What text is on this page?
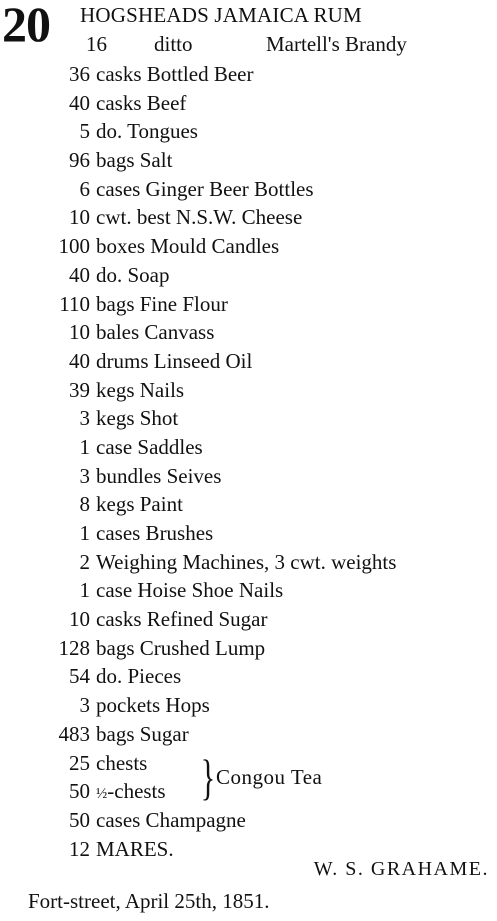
20 HOGSHEADS JAMAICA RUM
16 ditto	Martell's Brandy
36 casks Bottled Beer
40 casks Beef
5 do. Tongues
96 bags Salt
6 cases Ginger Beer Bottles
10 cwt. best N.S.W. Cheese
100 boxes Mould Candles
40 do. Soap
110 bags Fine Flour
10 bales Canvass
40 drums Linseed Oil
39 kegs Nails
3 kegs Shot
1 case Saddles
3 bundles Seives
8 kegs Paint
1 cases Brushes
2 Weighing Machines, 3 cwt. weights
1 case Hoise Shoe Nails
10 casks Refined Sugar
128 bags Crushed Lump
54 do. Pieces
3 pockets Hops
483 bags Sugar
25 chests
50 ½-chests } Congou Tea
50 cases Champagne
12 MARES.
W. S. GRAHAME.
Fort-street, April 25th, 1851.
